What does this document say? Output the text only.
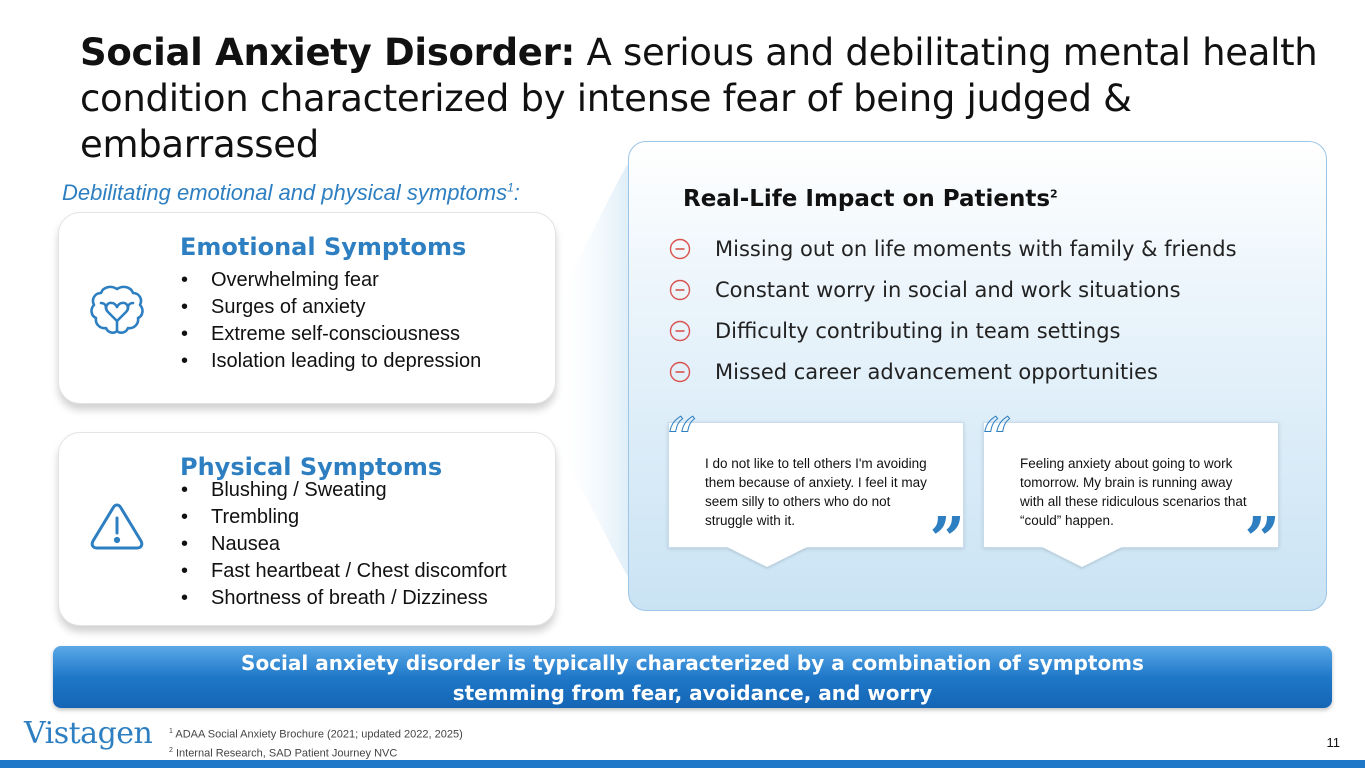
Social Anxiety Disorder: A serious and debilitating mental health condition characterized by intense fear of being judged & embarrassed
Debilitating emotional and physical symptoms$^1$:
Emotional Symptoms
• Overwhelming fear
• Surges of anxiety
• Extreme self-consciousness
• Isolation leading to depression
Physical Symptoms
• Blushing / Sweating
• Trembling
• Nausea
• Fast heartbeat / Chest discomfort
• Shortness of breath / Dizziness
Real-Life Impact on Patients$^2$
Missing out on life moments with family & friends
Constant worry in social and work situations
Difficulty contributing in team settings
Missed career advancement opportunities
“ I do not like to tell others I'm avoiding them because of anxiety. I feel it may seem silly to others who do not struggle with it.	”
“ Feeling anxiety about going to work tomorrow. My brain is running away with all these ridiculous scenarios that “could” happen.	”
Social anxiety disorder is typically characterized by a combination of symptoms
stemming from fear, avoidance, and worry
Vistagen $^1$ ADAA Social Anxiety Brochure (2021; updated 2022, 2025)
$^2$ Internal Research, SAD Patient Journey NVC
11
